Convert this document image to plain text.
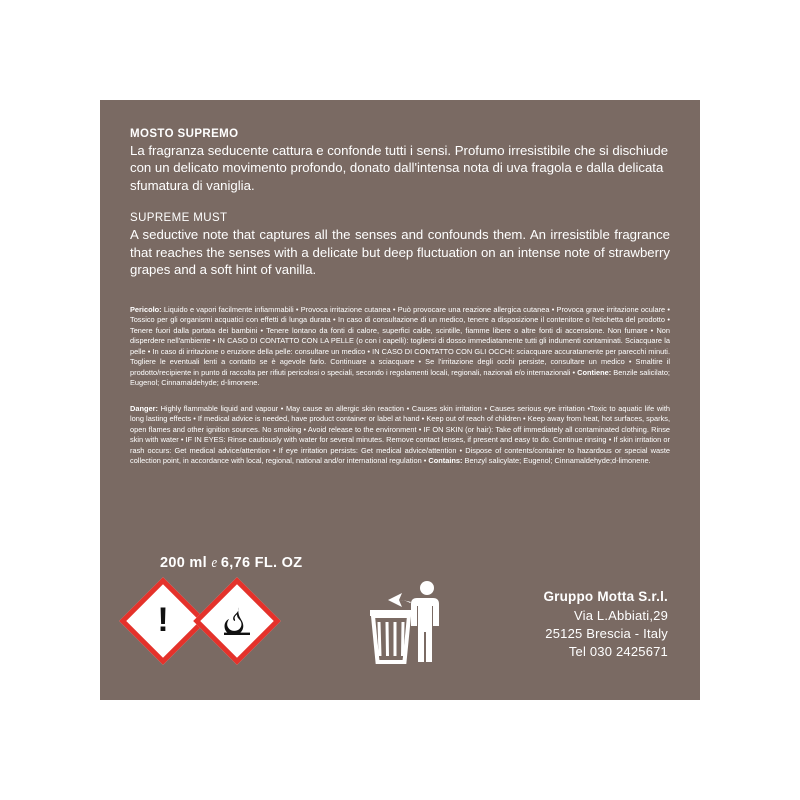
MOSTO SUPREMO

La fragranza seducente cattura e confonde tutti i sensi. Profumo irresistibile che si dischiude con un delicato movimento profondo, donato dall'intensa nota di uva fragola e dalla delicata sfumatura di vaniglia.

SUPREME MUST

A seductive note that captures all the senses and confounds them. An irresistible fragrance that reaches the senses with a delicate but deep fluctuation on an intense note of strawberry grapes and a soft hint of vanilla.

Pericolo: Liquido e vapori facilmente infiammabili • Provoca irritazione cutanea • Può provocare una reazione allergica cutanea • Provoca grave irritazione oculare • Tossico per gli organismi acquatici con effetti di lunga durata • In caso di consultazione di un medico, tenere a disposizione il contenitore o l'etichetta del prodotto • Tenere fuori dalla portata dei bambini • Tenere lontano da fonti di calore, superfici calde, scintille, fiamme libere o altre fonti di accensione. Non fumare • Non disperdere nell'ambiente • IN CASO DI CONTATTO CON LA PELLE (o con i capelli): togliersi di dosso immediatamente tutti gli indumenti contaminati. Sciacquare la pelle • In caso di irritazione o eruzione della pelle: consultare un medico • IN CASO DI CONTATTO CON GLI OCCHI: sciacquare accuratamente per parecchi minuti. Togliere le eventuali lenti a contatto se è agevole farlo. Continuare a sciacquare • Se l'irritazione degli occhi persiste, consultare un medico • Smaltire il prodotto/recipiente in punto di raccolta per rifiuti pericolosi o speciali, secondo i regolamenti locali, regionali, nazionali e/o internazionali • Contiene: Benzile salicilato; Eugenol; Cinnamaldehyde; d-limonene.

Danger: Highly flammable liquid and vapour • May cause an allergic skin reaction • Causes skin irritation • Causes serious eye irritation •Toxic to aquatic life with long lasting effects • If medical advice is needed, have product container or label at hand • Keep out of reach of children • Keep away from heat, hot surfaces, sparks, open flames and other ignition sources. No smoking • Avoid release to the environment • IF ON SKIN (or hair): Take off immediately all contaminated clothing. Rinse skin with water • IF IN EYES: Rinse cautiously with water for several minutes. Remove contact lenses, if present and easy to do. Continue rinsing • If skin irritation or rash occurs: Get medical advice/attention • If eye irritation persists: Get medical advice/attention • Dispose of contents/container to hazardous or special waste collection point, in accordance with local, regional, national and/or international regulation • Contains: Benzyl salicylate; Eugenol; Cinnamaldehyde;d-limonene.

200 ml e 6,76 FL. OZ
!
Gruppo Motta S.r.l.
Via L.Abbiati,29
25125 Brescia - Italy
Tel 030 2425671
